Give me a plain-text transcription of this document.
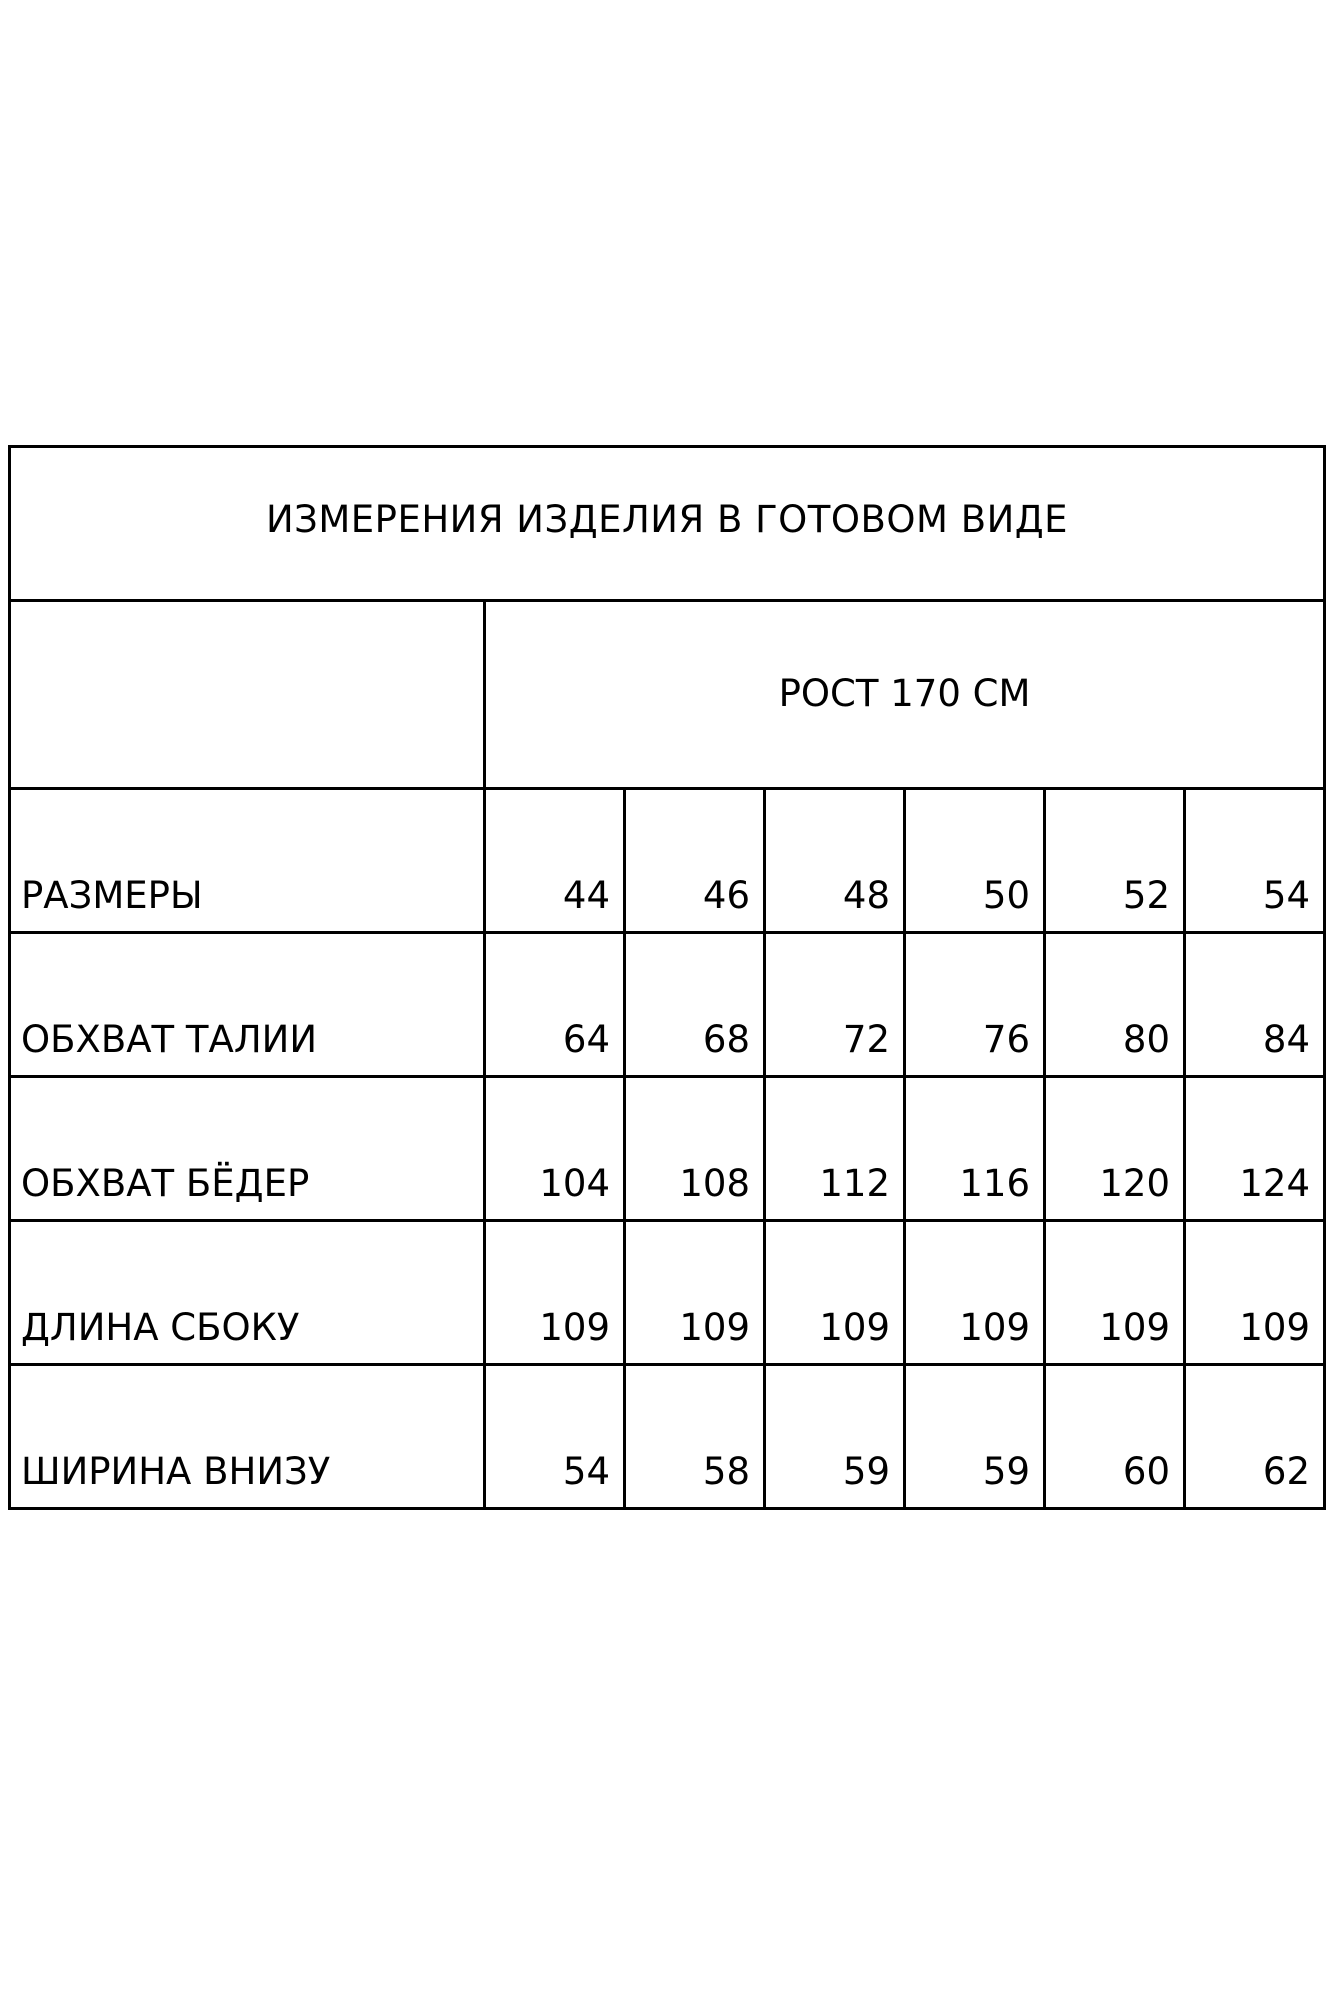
ИЗМЕРЕНИЯ ИЗДЕЛИЯ В ГОТОВОМ ВИДЕ						
	РОСТ 170 СМ					
РАЗМЕРЫ	44	46	48	50	52	54
ОБХВАТ ТАЛИИ	64	68	72	76	80	84
ОБХВАТ БЁДЕР	104	108	112	116	120	124
ДЛИНА СБОКУ	109	109	109	109	109	109
ШИРИНА ВНИЗУ	54	58	59	59	60	62
